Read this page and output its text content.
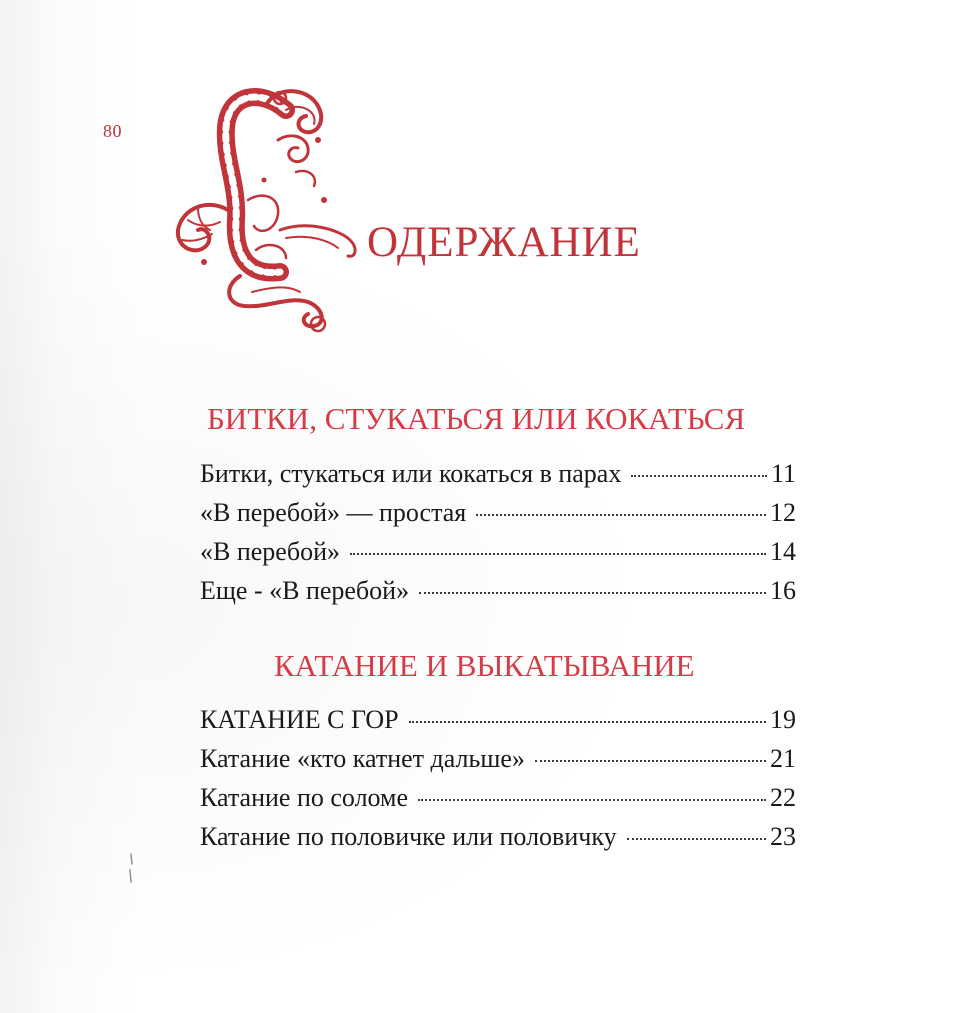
80
ОДЕРЖАНИЕ
БИТКИ, СТУКАТЬСЯ ИЛИ КОКАТЬСЯ
Битки, стукаться или кокаться в парах	11
«В перебой» — простая	12
«В перебой»	14
Еще - «В перебой»	16
КАТАНИЕ И ВЫКАТЫВАНИЕ
КАТАНИЕ С ГОР	19
Катание «кто катнет дальше»	21
Катание по соломе	22
Катание по половичке или половичку	23
